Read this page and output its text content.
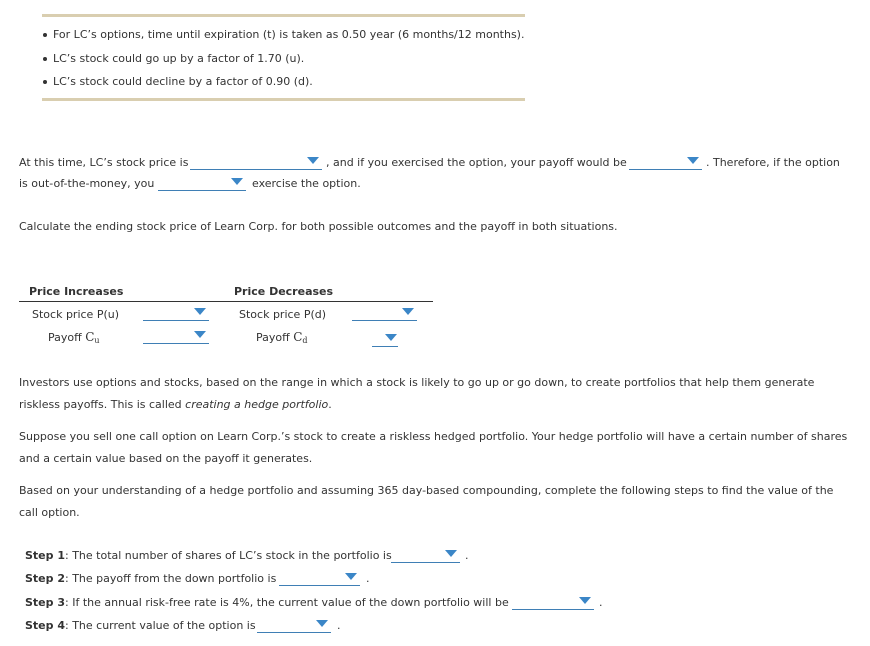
For LC’s options, time until expiration (t) is taken as 0.50 year (6 months/12 months).
LC’s stock could go up by a factor of 1.70 (u).
LC’s stock could decline by a factor of 0.90 (d).
At this time, LC’s stock price is	, and if you exercised the option, your payoff would be	. Therefore, if the option
is out-of-the-money, you	exercise the option.
Calculate the ending stock price of Learn Corp. for both possible outcomes and the payoff in both situations.
Price Increases	Price Decreases
Stock price P(u)	Stock price P(d)
Payoff Cu	Payoff Cd
Investors use options and stocks, based on the range in which a stock is likely to go up or go down, to create portfolios that help them generate riskless payoffs. This is called creating a hedge portfolio.
Suppose you sell one call option on Learn Corp.’s stock to create a riskless hedged portfolio. Your hedge portfolio will have a certain number of shares and a certain value based on the payoff it generates.
Based on your understanding of a hedge portfolio and assuming 365 day-based compounding, complete the following steps to find the value of the call option.
Step 1: The total number of shares of LC’s stock in the portfolio is	.
Step 2: The payoff from the down portfolio is	.
Step 3: If the annual risk-free rate is 4%, the current value of the down portfolio will be	.
Step 4: The current value of the option is	.
